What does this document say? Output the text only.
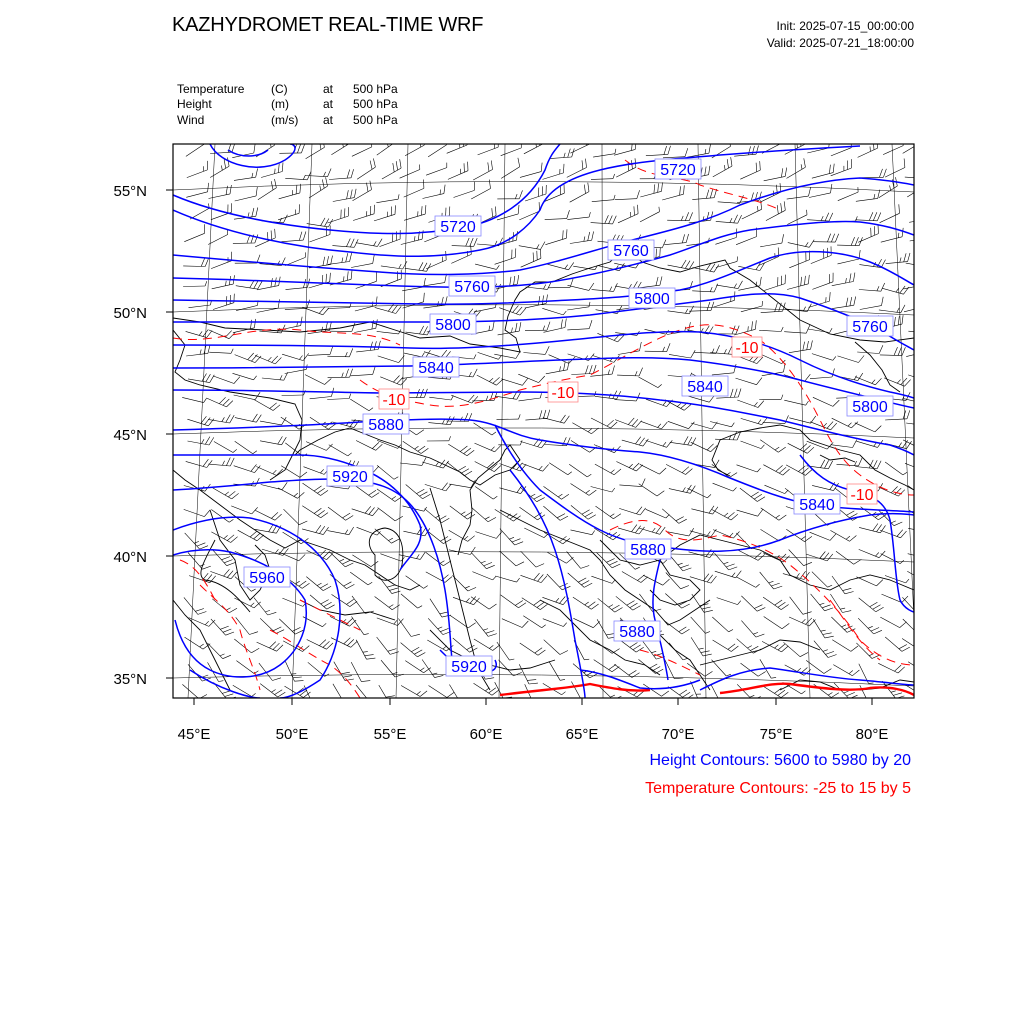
KAZHYDROMET REAL-TIME WRF	Init: 2025-07-15_00:00:00
Valid: 2025-07-21_18:00:00
Temperature (C)	at 500 hPa
Height	(m)	at 500 hPa
Wind	(m/s) at 500 hPa
5720
5720
5760
5760
5760
5800
5800
5800
5840
5840
5840
5880
5880
5880
5920
5920
5960
-10	-10
-10
-10
55°N
50°N
45°N
40°N
35°N
45°E	50°E	55°E	60°E	65°E	70°E	75°E	80°E
Height Contours: 5600 to 5980 by 20
Temperature Contours: -25 to 15 by 5
